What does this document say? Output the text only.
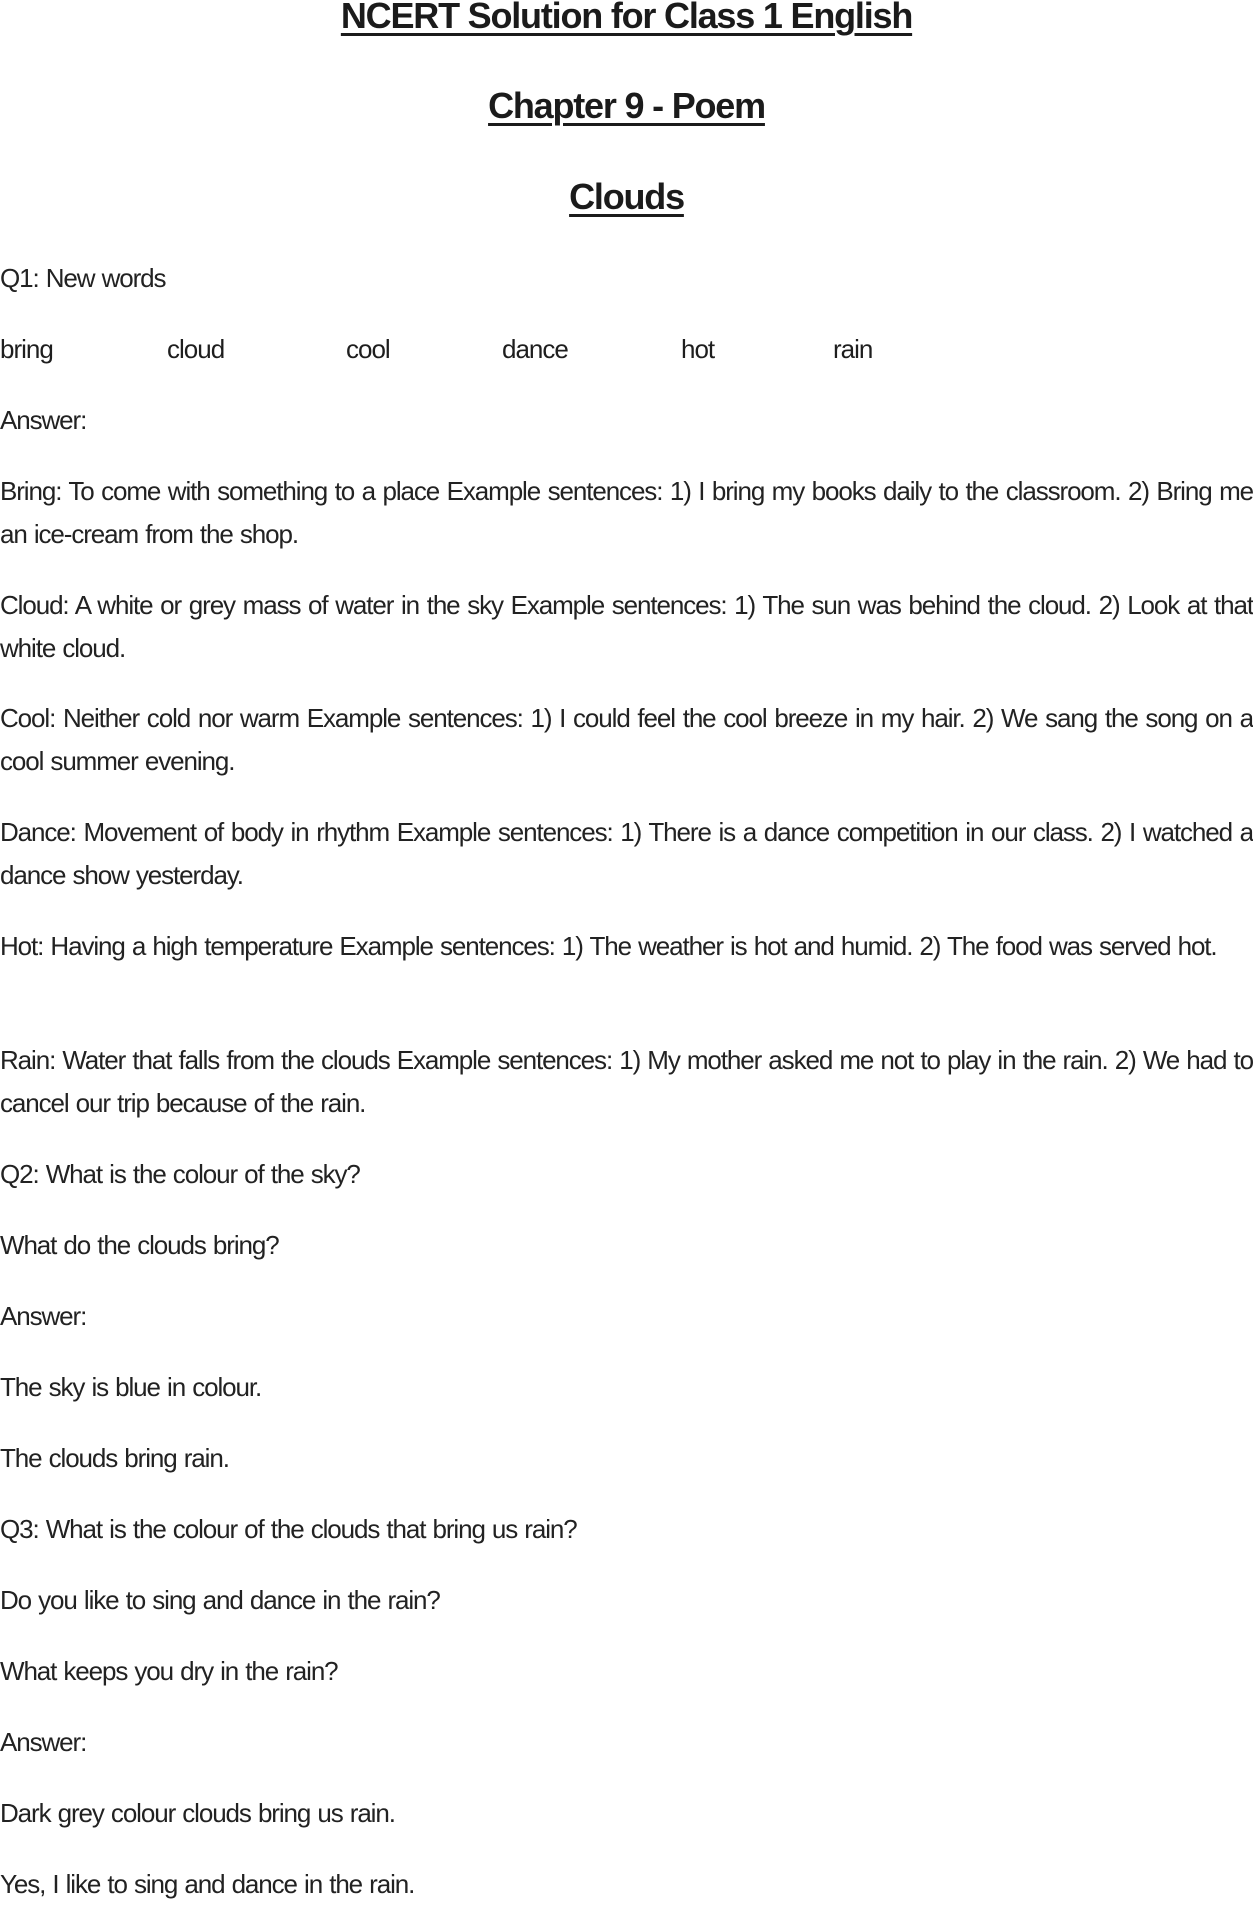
NCERT Solution for Class 1 English
Chapter 9 - Poem
Clouds
Q1: New words
bring	cloud	cool	dance	hot	rain
Answer:
Bring: To come with something to a place Example sentences: 1) I bring my books daily to the classroom. 2) Bring me an ice-cream from the shop.
Cloud: A white or grey mass of water in the sky Example sentences: 1) The sun was behind the cloud. 2) Look at that white cloud.
Cool: Neither cold nor warm Example sentences: 1) I could feel the cool breeze in my hair. 2) We sang the song on a cool summer evening.
Dance: Movement of body in rhythm Example sentences: 1) There is a dance competition in our class. 2) I watched a dance show yesterday.
Hot: Having a high temperature Example sentences: 1) The weather is hot and humid. 2) The food was served hot.
Rain: Water that falls from the clouds Example sentences: 1) My mother asked me not to play in the rain. 2) We had to cancel our trip because of the rain.
Q2: What is the colour of the sky?
What do the clouds bring?
Answer:
The sky is blue in colour.
The clouds bring rain.
Q3: What is the colour of the clouds that bring us rain?
Do you like to sing and dance in the rain?
What keeps you dry in the rain?
Answer:
Dark grey colour clouds bring us rain.
Yes, I like to sing and dance in the rain.
